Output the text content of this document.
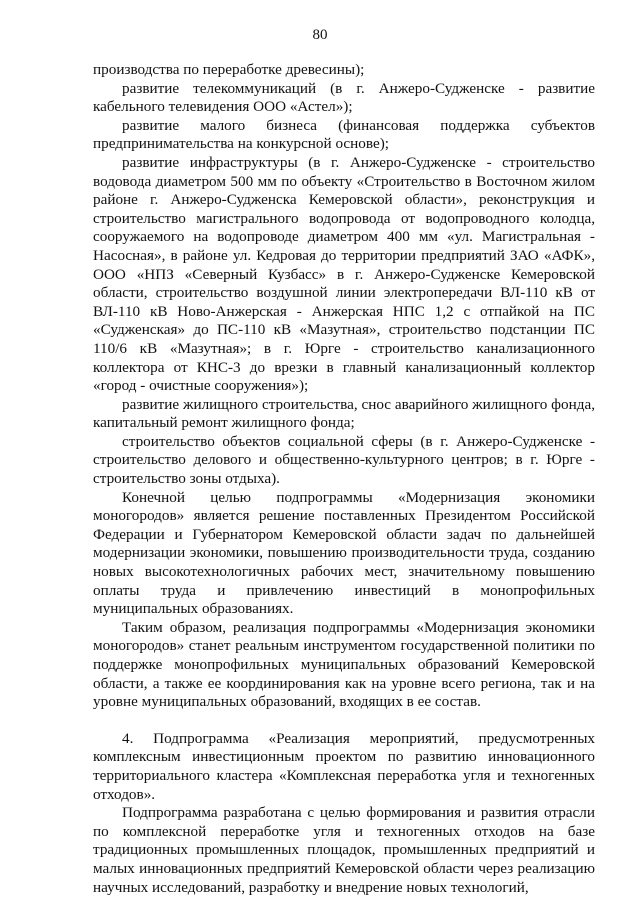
80

производства по переработке древесины);

развитие телекоммуникаций (в г. Анжеро-Судженске - развитие кабельного телевидения ООО «Астел»);

развитие малого бизнеса (финансовая поддержка субъектов предпринимательства на конкурсной основе);

развитие инфраструктуры (в г. Анжеро-Судженске - строительство водовода диаметром 500 мм по объекту «Строительство в Восточном жилом районе г. Анжеро-Судженска Кемеровской области», реконструкция и строительство магистрального водопровода от водопроводного колодца, сооружаемого на водопроводе диаметром 400 мм «ул. Магистральная - Насосная», в районе ул. Кедровая до территории предприятий ЗАО «АФК», ООО «НПЗ «Северный Кузбасс» в г. Анжеро-Судженске Кемеровской области, строительство воздушной линии электропередачи ВЛ-110 кВ от ВЛ-110 кВ Ново-Анжерская - Анжерская НПС 1,2 с отпайкой на ПС «Судженская» до ПС-110 кВ «Мазутная», строительство подстанции ПС 110/6 кВ «Мазутная»; в г. Юрге - строительство канализационного коллектора от КНС-3 до врезки в главный канализационный коллектор «город - очистные сооружения»);

развитие жилищного строительства, снос аварийного жилищного фонда, капитальный ремонт жилищного фонда;

строительство объектов социальной сферы (в г. Анжеро-Судженске - строительство делового и общественно-культурного центров; в г. Юрге - строительство зоны отдыха).

Конечной целью подпрограммы «Модернизация экономики моногородов» является решение поставленных Президентом Российской Федерации и Губернатором Кемеровской области задач по дальнейшей модернизации экономики, повышению производительности труда, созданию новых высокотехнологичных рабочих мест, значительному повышению оплаты труда и привлечению инвестиций в монопрофильных муниципальных образованиях.

Таким образом, реализация подпрограммы «Модернизация экономики моногородов» станет реальным инструментом государственной политики по поддержке монопрофильных муниципальных образований Кемеровской области, а также ее координирования как на уровне всего региона, так и на уровне муниципальных образований, входящих в ее состав.

4. Подпрограмма «Реализация мероприятий, предусмотренных комплексным инвестиционным проектом по развитию инновационного территориального кластера «Комплексная переработка угля и техногенных отходов».

Подпрограмма разработана с целью формирования и развития отрасли по комплексной переработке угля и техногенных отходов на базе традиционных промышленных площадок, промышленных предприятий и малых инновационных предприятий Кемеровской области через реализацию научных исследований, разработку и внедрение новых технологий,
